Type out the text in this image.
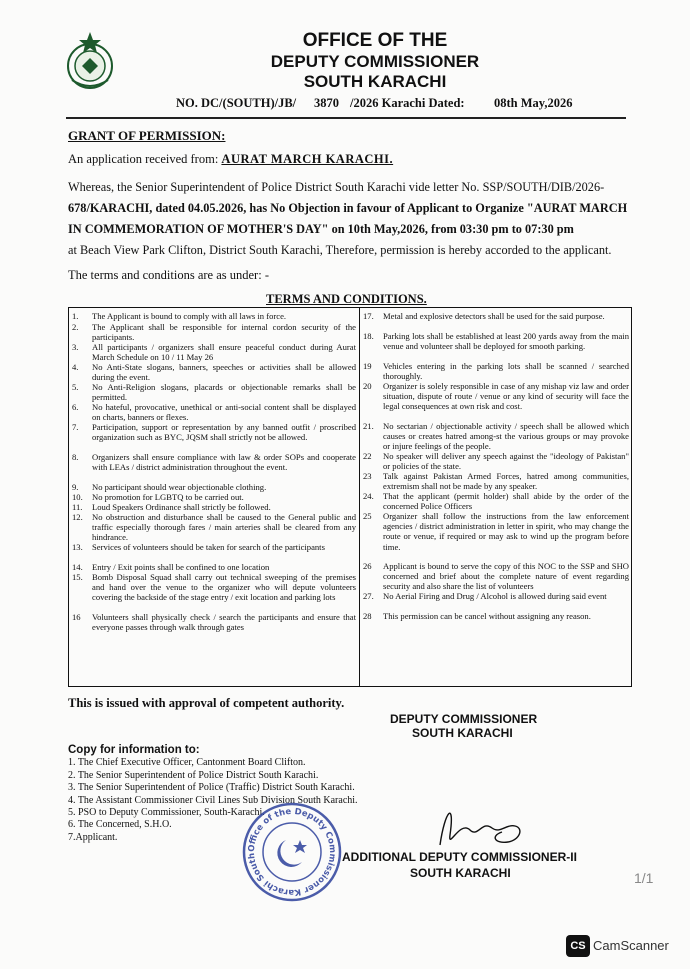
OFFICE OF THE
DEPUTY COMMISSIONER
SOUTH KARACHI
NO. DC/(SOUTH)/JB/ 3870 /2026 Karachi Dated: 08th May,2026
GRANT OF PERMISSION:
An application received from: AURAT MARCH KARACHI.
Whereas, the Senior Superintendent of Police District South Karachi vide letter No. SSP/SOUTH/DIB/2026-
678/KARACHI, dated 04.05.2026, has No Objection in favour of Applicant to Organize "AURAT MARCH
IN COMMEMORATION OF MOTHER'S DAY" on 10th May,2026, from 03:30 pm to 07:30 pm
at Beach View Park Clifton, District South Karachi, Therefore, permission is hereby accorded to the applicant.
The terms and conditions are as under: -
TERMS AND CONDITIONS.
1.	The Applicant is bound to comply with all laws in force.
2.	The Applicant shall be responsible for internal cordon security of the participants.
3.	All participants / organizers shall ensure peaceful conduct during Aurat March Schedule on 10 / 11 May 26
4.	No Anti-State slogans, banners, speeches or activities shall be allowed during the event.
5.	No Anti-Religion slogans, placards or objectionable remarks shall be permitted.
6.	No hateful, provocative, unethical or anti-social content shall be displayed on charts, banners or flexes.
7.	Participation, support or representation by any banned outfit / proscribed organization such as BYC, JQSM shall strictly not be allowed.
8.	Organizers shall ensure compliance with law & order SOPs and cooperate with LEAs / district administration throughout the event.
9.	No participant should wear objectionable clothing.
10.	No promotion for LGBTQ to be carried out.
11.	Loud Speakers Ordinance shall strictly be followed.
12.	No obstruction and disturbance shall be caused to the General public and traffic especially thorough fares / main arteries shall be cleared from any hindrance.
13.	Services of volunteers should be taken for search of the participants
14.	Entry / Exit points shall be confined to one location
15.	Bomb Disposal Squad shall carry out technical sweeping of the premises and hand over the venue to the organizer who will depute volunteers covering the backside of the stage entry / exit location and parking lots
16	Volunteers shall physically check / search the participants and ensure that everyone passes through walk through gates
17.	Metal and explosive detectors shall be used for the said purpose.
18.	Parking lots shall be established at least 200 yards away from the main venue and volunteer shall be deployed for smooth parking.
19	Vehicles entering in the parking lots shall be scanned / searched thoroughly.
20	Organizer is solely responsible in case of any mishap viz law and order situation, dispute of route / venue or any kind of security will face the legal consequences at own risk and cost.
21.	No sectarian / objectionable activity / speech shall be allowed which causes or creates hatred among-st the various groups or may provoke or injure feelings of the people.
22	No speaker will deliver any speech against the "ideology of Pakistan" or policies of the state.
23	Talk against Pakistan Armed Forces, hatred among communities, extremism shall not be made by any speaker.
24.	That the applicant (permit holder) shall abide by the order of the concerned Police Officers
25	Organizer shall follow the instructions from the law enforcement agencies / district administration in letter in spirit, who may change the route or venue, if required or may ask to wind up the program before time.
26	Applicant is bound to serve the copy of this NOC to the SSP and SHO concerned and brief about the complete nature of event regarding security and also share the list of volunteers
27.	No Aerial Firing and Drug / Alcohol is allowed during said event
28	This permission can be cancel without assigning any reason.
This is issued with approval of competent authority.
DEPUTY COMMISSIONER
SOUTH KARACHI
Copy for information to:
1. The Chief Executive Officer, Cantonment Board Clifton.
2. The Senior Superintendent of Police District South Karachi.
3. The Senior Superintendent of Police (Traffic) District South Karachi.
4. The Assistant Commissioner Civil Lines Sub Division South Karachi.
5. PSO to Deputy Commissioner, South-Karachi.
6. The Concerned, S.H.O.
7.Applicant.
Office of the Deputy Commissioner Karachi South	ADDITIONAL DEPUTY COMMISSIONER-II
SOUTH KARACHI	1/1
CS CamScanner
